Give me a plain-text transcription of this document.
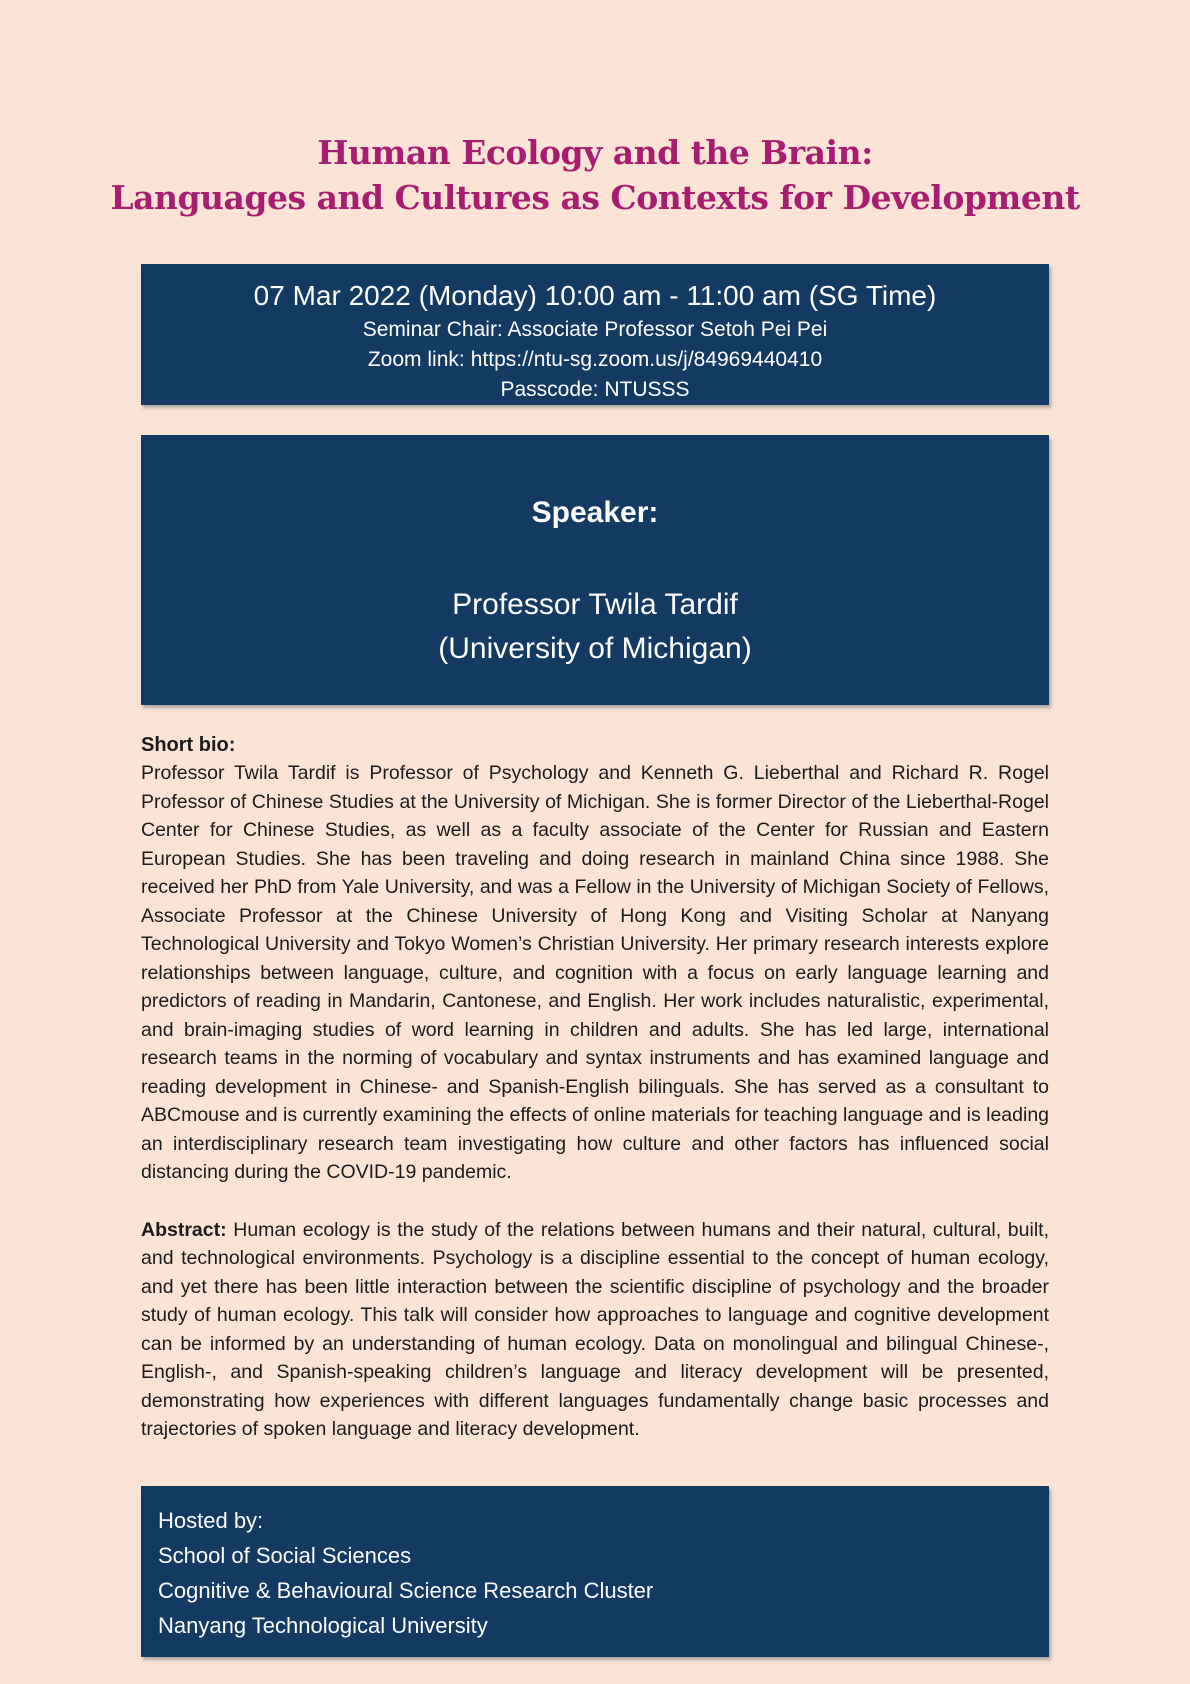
Human Ecology and the Brain:
Languages and Cultures as Contexts for Development
07 Mar 2022 (Monday) 10:00 am - 11:00 am (SG Time)
Seminar Chair: Associate Professor Setoh Pei Pei
Zoom link: https://ntu-sg.zoom.us/j/84969440410
Passcode: NTUSSS
Speaker:
Professor Twila Tardif
(University of Michigan)
Short bio:

Professor Twila Tardif is Professor of Psychology and Kenneth G. Lieberthal and Richard R. Rogel Professor of Chinese Studies at the University of Michigan. She is former Director of the Lieberthal-Rogel Center for Chinese Studies, as well as a faculty associate of the Center for Russian and Eastern European Studies. She has been traveling and doing research in mainland China since 1988. She received her PhD from Yale University, and was a Fellow in the University of Michigan Society of Fellows, Associate Professor at the Chinese University of Hong Kong and Visiting Scholar at Nanyang Technological University and Tokyo Women’s Christian University. Her primary research interests explore relationships between language, culture, and cognition with a focus on early language learning and predictors of reading in Mandarin, Cantonese, and English. Her work includes naturalistic, experimental, and brain-imaging studies of word learning in children and adults. She has led large, international research teams in the norming of vocabulary and syntax instruments and has examined language and reading development in Chinese- and Spanish-English bilinguals. She has served as a consultant to ABCmouse and is currently examining the effects of online materials for teaching language and is leading an interdisciplinary research team investigating how culture and other factors has influenced social distancing during the COVID-19 pandemic.

Abstract: Human ecology is the study of the relations between humans and their natural, cultural, built, and technological environments. Psychology is a discipline essential to the concept of human ecology, and yet there has been little interaction between the scientific discipline of psychology and the broader study of human ecology. This talk will consider how approaches to language and cognitive development can be informed by an understanding of human ecology. Data on monolingual and bilingual Chinese-, English-, and Spanish-speaking children’s language and literacy development will be presented, demonstrating how experiences with different languages fundamentally change basic processes and trajectories of spoken language and literacy development.

Hosted by:
School of Social Sciences
Cognitive & Behavioural Science Research Cluster
Nanyang Technological University
